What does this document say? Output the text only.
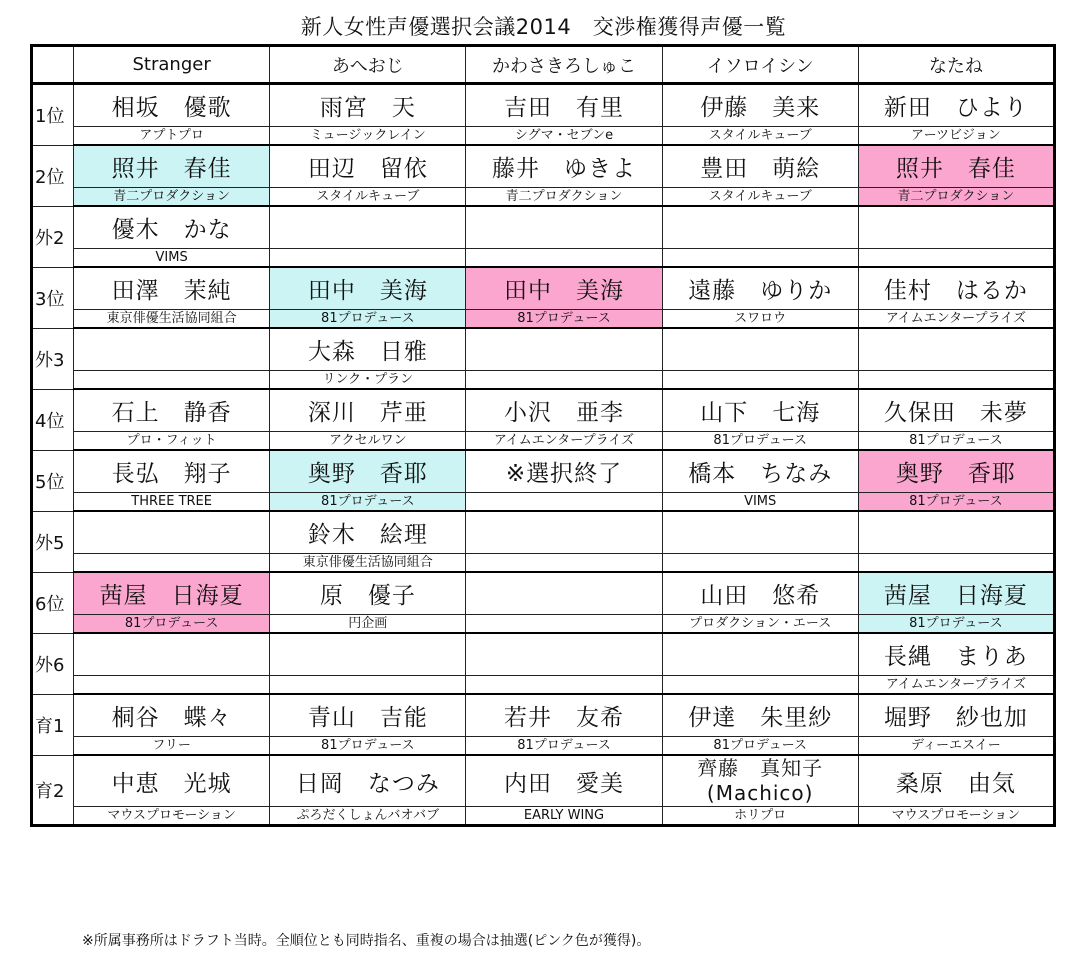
新人女性声優選択会議2014　交渉権獲得声優一覧
	Stranger	あへおじ	かわさきろしゅこ	イソロイシン	なたね
1位	相坂　優歌	雨宮　天	吉田　有里	伊藤　美来	新田　ひより
	アプトプロ	ミュージックレイン	シグマ・セブンe	スタイルキューブ	アーツビジョン
2位	照井　春佳	田辺　留依	藤井　ゆきよ	豊田　萌絵	照井　春佳
	青二プロダクション	スタイルキューブ	青二プロダクション	スタイルキューブ	青二プロダクション
外2	優木　かな				
	VIMS				
3位	田澤　茉純	田中　美海	田中　美海	遠藤　ゆりか	佳村　はるか
	東京俳優生活協同組合	81プロデュース	81プロデュース	スワロウ	アイムエンタープライズ
外3		大森　日雅			
		リンク・プラン			
4位	石上　静香	深川　芹亜	小沢　亜李	山下　七海	久保田　未夢
	プロ・フィット	アクセルワン	アイムエンタープライズ	81プロデュース	81プロデュース
5位	長弘　翔子	奥野　香耶	※選択終了	橋本　ちなみ	奥野　香耶
	THREE TREE	81プロデュース		VIMS	81プロデュース
外5		鈴木　絵理			
		東京俳優生活協同組合			
6位	茜屋　日海夏	原　優子		山田　悠希	茜屋　日海夏
	81プロデュース	円企画		プロダクション・エース	81プロデュース
外6					長縄　まりあ
					アイムエンタープライズ
育1	桐谷　蝶々	青山　吉能	若井　友希	伊達　朱里紗	堀野　紗也加
	フリー	81プロデュース	81プロデュース	81プロデュース	ディーエスイー
育2	中恵　光城	日岡　なつみ	内田　愛美	齊藤　真知子
(Machico)	桑原　由気
	マウスプロモーション	ぷろだくしょんバオバブ	EARLY WING	ホリプロ	マウスプロモーション
※所属事務所はドラフト当時。全順位とも同時指名、重複の場合は抽選(ピンク色が獲得)。
